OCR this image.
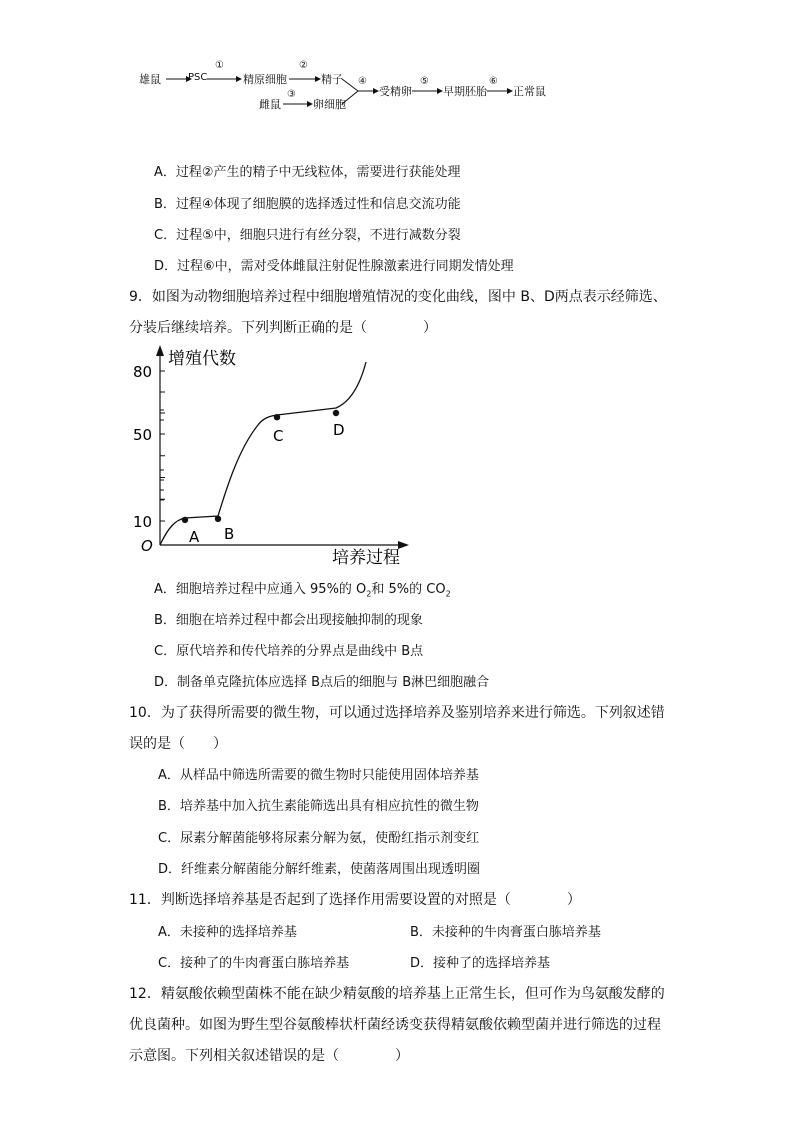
雄鼠	PSC	精原细胞	精子
雌鼠	卵细胞
受精卵	早期胚胎 正常鼠
①	②
③
④	⑤	⑥
A．过程②产生的精子中无线粒体，需要进行获能处理
B．过程④体现了细胞膜的选择透过性和信息交流功能
C．过程⑤中，细胞只进行有丝分裂，不进行减数分裂
D．过程⑥中，需对受体雌鼠注射促性腺激素进行同期发情处理
9．如图为动物细胞培养过程中细胞增殖情况的变化曲线，图中 B、D两点表示经筛选、
分装后继续培养。下列判断正确的是（　　　　）
A B
C	D
增殖代数
培养过程
O
80
50
10
A．细胞培养过程中应通入 95%的 $O_2$和 5%的 $CO_2$
B．细胞在培养过程中都会出现接触抑制的现象
C．原代培养和传代培养的分界点是曲线中 B点
D．制备单克隆抗体应选择 B点后的细胞与 B淋巴细胞融合
10．为了获得所需要的微生物，可以通过选择培养及鉴别培养来进行筛选。下列叙述错
误的是（　　）
A．从样品中筛选所需要的微生物时只能使用固体培养基
B．培养基中加入抗生素能筛选出具有相应抗性的微生物
C．尿素分解菌能够将尿素分解为氨，使酚红指示剂变红
D．纤维素分解菌能分解纤维素，使菌落周围出现透明圈
11．判断选择培养基是否起到了选择作用需要设置的对照是（　　　　）
A．未接种的选择培养基	B．未接种的牛肉膏蛋白胨培养基
C．接种了的牛肉膏蛋白胨培养基	D．接种了的选择培养基
12．精氨酸依赖型菌株不能在缺少精氨酸的培养基上正常生长，但可作为鸟氨酸发酵的
优良菌种。如图为野生型谷氨酸棒状杆菌经诱变获得精氨酸依赖型菌并进行筛选的过程
示意图。下列相关叙述错误的是（　　　　）
